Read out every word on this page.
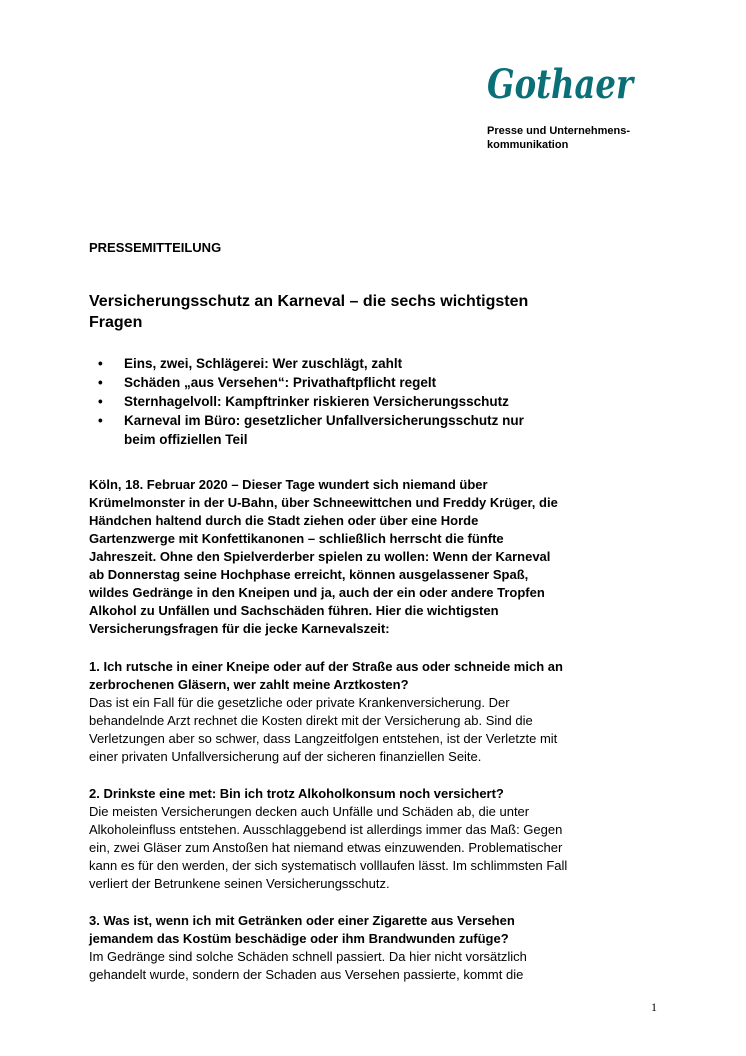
Gothaer
Presse und Unternehmens-
kommunikation
PRESSEMITTEILUNG
Versicherungsschutz an Karneval – die sechs wichtigsten
Fragen
• Eins, zwei, Schlägerei: Wer zuschlägt, zahlt
• Schäden „aus Versehen“: Privathaftpflicht regelt
• Sternhagelvoll: Kampftrinker riskieren Versicherungsschutz
• Karneval im Büro: gesetzlicher Unfallversicherungsschutz nur
beim offiziellen Teil
Köln, 18. Februar 2020 – Dieser Tage wundert sich niemand über
Krümelmonster in der U-Bahn, über Schneewittchen und Freddy Krüger, die
Händchen haltend durch die Stadt ziehen oder über eine Horde
Gartenzwerge mit Konfettikanonen – schließlich herrscht die fünfte
Jahreszeit. Ohne den Spielverderber spielen zu wollen: Wenn der Karneval
ab Donnerstag seine Hochphase erreicht, können ausgelassener Spaß,
wildes Gedränge in den Kneipen und ja, auch der ein oder andere Tropfen
Alkohol zu Unfällen und Sachschäden führen. Hier die wichtigsten
Versicherungsfragen für die jecke Karnevalszeit:
1. Ich rutsche in einer Kneipe oder auf der Straße aus oder schneide mich an
zerbrochenen Gläsern, wer zahlt meine Arztkosten?
Das ist ein Fall für die gesetzliche oder private Krankenversicherung. Der
behandelnde Arzt rechnet die Kosten direkt mit der Versicherung ab. Sind die
Verletzungen aber so schwer, dass Langzeitfolgen entstehen, ist der Verletzte mit
einer privaten Unfallversicherung auf der sicheren finanziellen Seite.
2. Drinkste eine met: Bin ich trotz Alkoholkonsum noch versichert?
Die meisten Versicherungen decken auch Unfälle und Schäden ab, die unter
Alkoholeinfluss entstehen. Ausschlaggebend ist allerdings immer das Maß: Gegen
ein, zwei Gläser zum Anstoßen hat niemand etwas einzuwenden. Problematischer
kann es für den werden, der sich systematisch volllaufen lässt. Im schlimmsten Fall
verliert der Betrunkene seinen Versicherungsschutz.
3. Was ist, wenn ich mit Getränken oder einer Zigarette aus Versehen
jemandem das Kostüm beschädige oder ihm Brandwunden zufüge?
Im Gedränge sind solche Schäden schnell passiert. Da hier nicht vorsätzlich
gehandelt wurde, sondern der Schaden aus Versehen passierte, kommt die
1
